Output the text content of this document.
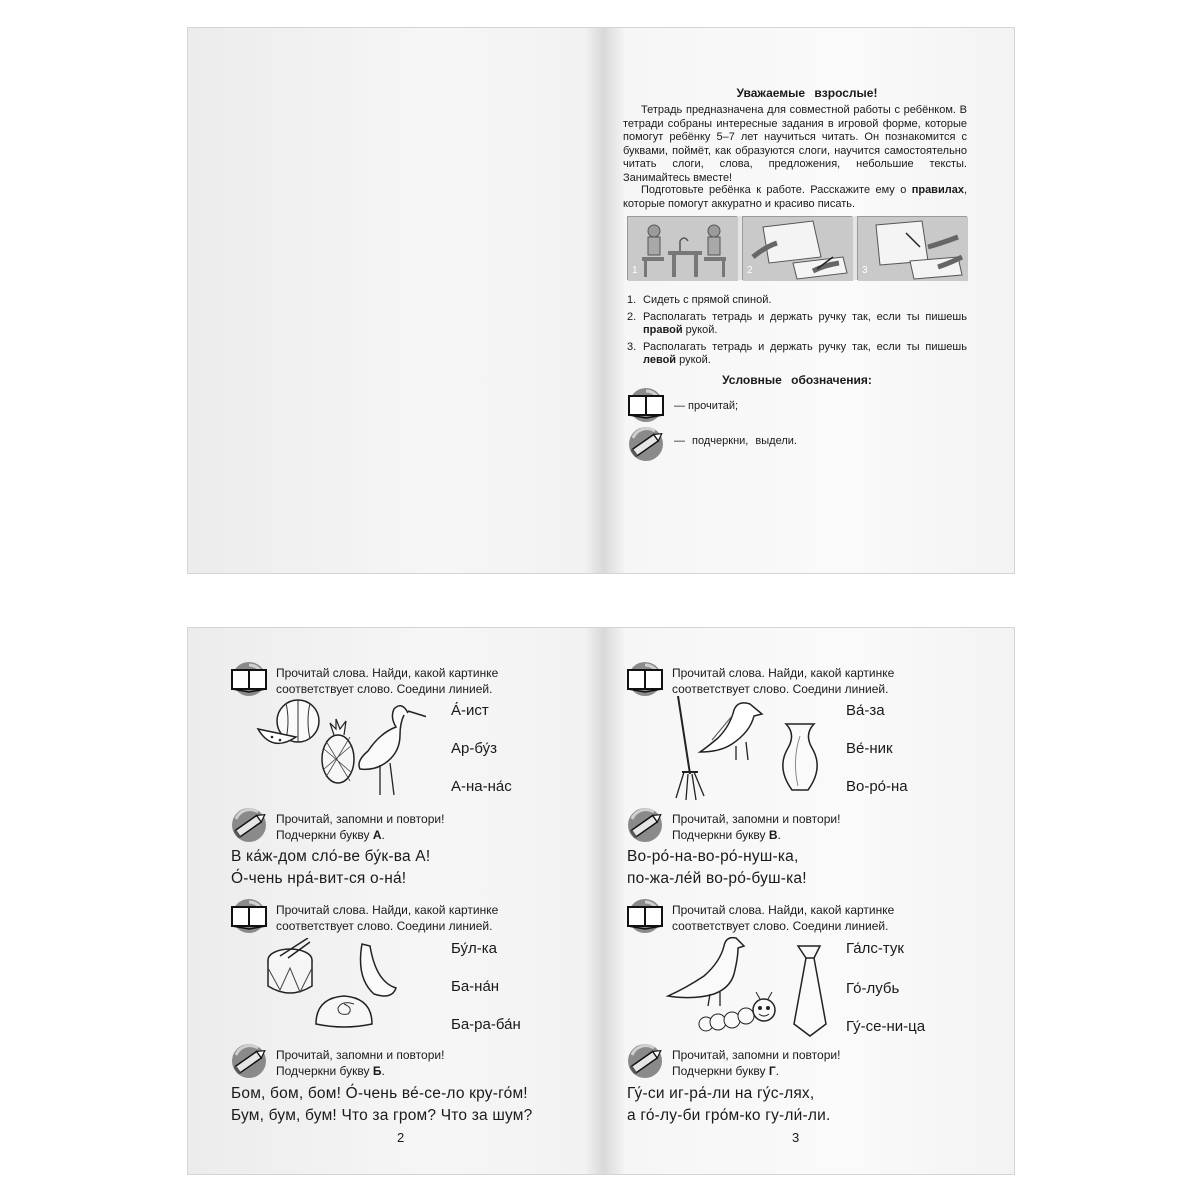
Уважаемые взрослые!
Тетрадь предназначена для совместной работы с ребёнком. В тетради собраны интересные задания в игровой форме, которые помогут ребёнку 5–7 лет научиться читать. Он познакомится с буквами, поймёт, как образуются слоги, научится самостоятельно читать слоги, слова, предложения, небольшие тексты. Занимайтесь вместе!
Подготовьте ребёнка к работе. Расскажите ему о правилах, которые помогут аккуратно и красиво писать.
1	2	3
1. Сидеть с прямой спиной.
2. Располагать тетрадь и держать ручку так, если ты пишешь правой рукой.
3. Располагать тетрадь и держать ручку так, если ты пишешь левой рукой.
Условные обозначения:
— прочитай;
— подчеркни, выдели.
Прочитай слова. Найди, какой картинке соответствует слово. Соедини линией.
А́-ист
Ар-бу́з
А-на-на́с
Прочитай, запомни и повтори!
Подчеркни букву А.
В ка́ж-дом сло́-ве бу́к-ва А!
О́-чень нра́-вит-ся о-на́!
Прочитай слова. Найди, какой картинке соответствует слово. Соедини линией.
Бу́л-ка
Ба-на́н
Ба-ра-ба́н
Прочитай, запомни и повтори!
Подчеркни букву Б.
Бом, бом, бом! О́-чень ве́-се-ло кру-го́м!
Бум, бум, бум! Что за гром? Что за шум?
2
Прочитай слова. Найди, какой картинке соответствует слово. Соедини линией.
Ва́-за
Ве́-ник
Во-ро́-на
Прочитай, запомни и повтори!
Подчеркни букву В.
Во-ро́-на-во-ро́-нуш-ка,
по-жа-ле́й во-ро́-буш-ка!
Прочитай слова. Найди, какой картинке соответствует слово. Соедини линией.
Га́лс-тук
Го́-лубь
Гу́-се-ни-ца
Прочитай, запомни и повтори!
Подчеркни букву Г.
Гу́-си иг-ра́-ли на гу́с-лях,
а го́-лу-би гро́м-ко гу-ли́-ли.
3
